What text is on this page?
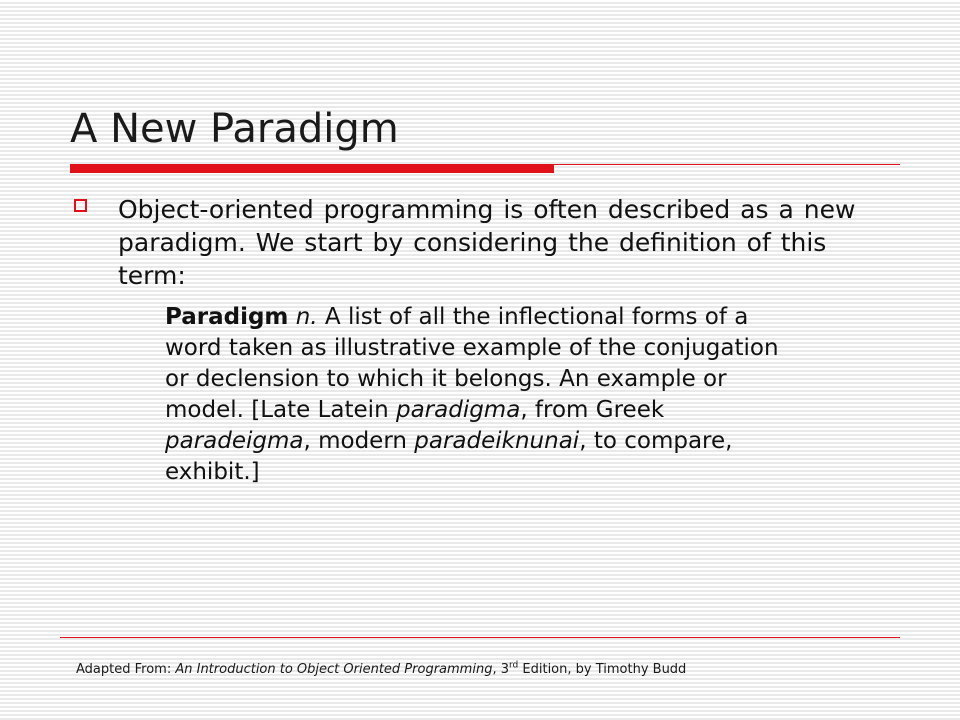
A New Paradigm
Object-oriented programming is often described as a new paradigm. We start by considering the definition of this term:
Paradigm n. A list of all the inflectional forms of a
word taken as illustrative example of the conjugation
or declension to which it belongs. An example or
model. [Late Latein paradigma, from Greek
paradeigma, modern paradeiknunai, to compare,
exhibit.]
Adapted From: An Introduction to Object Oriented Programming, 3rd Edition, by Timothy Budd
